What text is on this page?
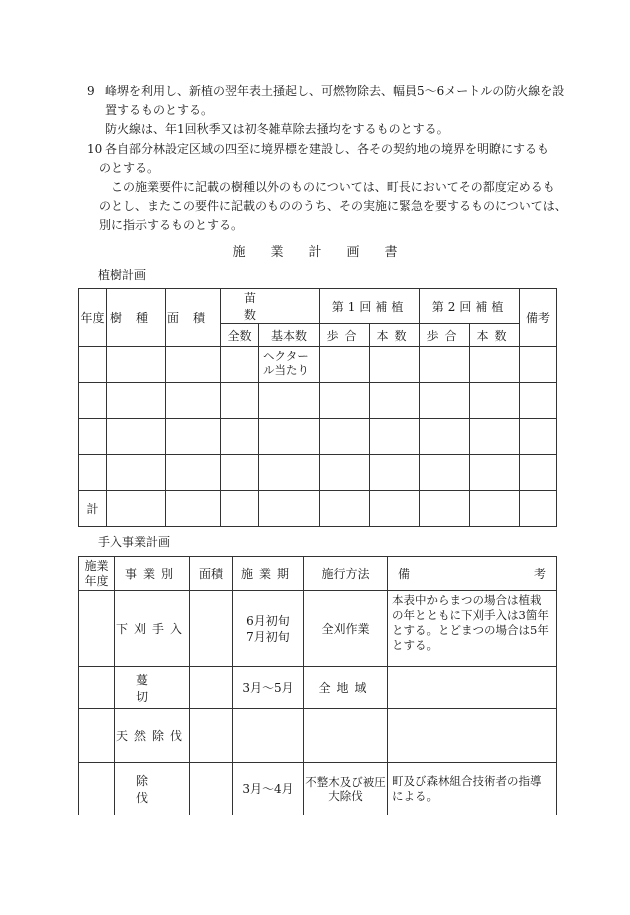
9 峰堺を利用し、新植の翌年表土掻起し、可燃物除去、幅員5～6メートルの防火線を設
置するものとする。
防火線は、年1回秋季又は初冬雑草除去掻均をするものとする。
10 各自部分林設定区域の四至に境界標を建設し、各その契約地の境界を明瞭にするも
のとする。
この施業要件に記載の樹種以外のものについては、町長においてその都度定めるも
のとし、またこの要件に記載のもののうち、その実施に緊急を要するものについては、
別に指示するものとする。
施業計画書
植樹計画
年度	樹種	面積	苗数		第1回補植		第2回補植		備考
			全数	基本数	歩合	本数	歩合	本数	
				ヘクタール当たり					

計									
手入事業計画
施業年度	事業別	面積	施業期	施行方法	備 考

	下刈手入		6月初旬
7月初旬	全刈作業	本表中からまつの場合は植栽の年とともに下刈手入は3箇年とする。とどまつの場合は5年とする。
	蔓切		3月～5月	全地域	
	天然除伐				
	除伐		3月～4月	不整木及び被圧大除伐	町及び森林組合技術者の指導による。
